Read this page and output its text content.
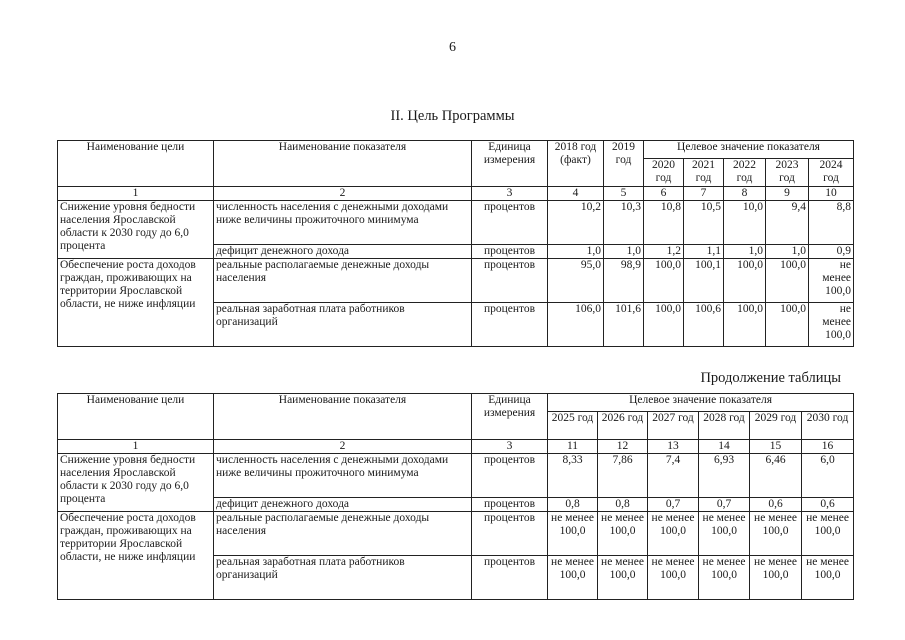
6
II. Цель Программы
Наименование цели	Наименование показателя	Единица измерения	2018 год (факт)	2019 год	Целевое значение показателя				
					2020 год	2021 год	2022 год	2023 год	2024 год
1	2	3	4	5	6	7	8	9	10
Снижение уровня бедности населения Ярославской области к 2030 году до 6,0 процента	численность населения с денежными доходами ниже величины прожиточного минимума	процентов	10,2	10,3	10,8	10,5	10,0	9,4	8,8
	дефицит денежного дохода	процентов	1,0	1,0	1,2	1,1	1,0	1,0	0,9
Обеспечение роста доходов граждан, проживающих на территории Ярославской области, не ниже инфляции	реальные располагаемые денежные доходы населения	процентов	95,0	98,9	100,0	100,1	100,0	100,0	не менее 100,0
	реальная заработная плата работников организаций	процентов	106,0	101,6	100,0	100,6	100,0	100,0	не менее 100,0
Продолжение таблицы
Наименование цели	Наименование показателя	Единица измерения	Целевое значение показателя					
			2025 год	2026 год	2027 год	2028 год	2029 год	2030 год
1	2	3	11	12	13	14	15	16
Снижение уровня бедности населения Ярославской области к 2030 году до 6,0 процента	численность населения с денежными доходами ниже величины прожиточного минимума	процентов	8,33	7,86	7,4	6,93	6,46	6,0
	дефицит денежного дохода	процентов	0,8	0,8	0,7	0,7	0,6	0,6
Обеспечение роста доходов граждан, проживающих на территории Ярославской области, не ниже инфляции	реальные располагаемые денежные доходы населения	процентов	не менее 100,0	не менее 100,0	не менее 100,0	не менее 100,0	не менее 100,0	не менее 100,0
	реальная заработная плата работников организаций	процентов	не менее 100,0	не менее 100,0	не менее 100,0	не менее 100,0	не менее 100,0	не менее 100,0
